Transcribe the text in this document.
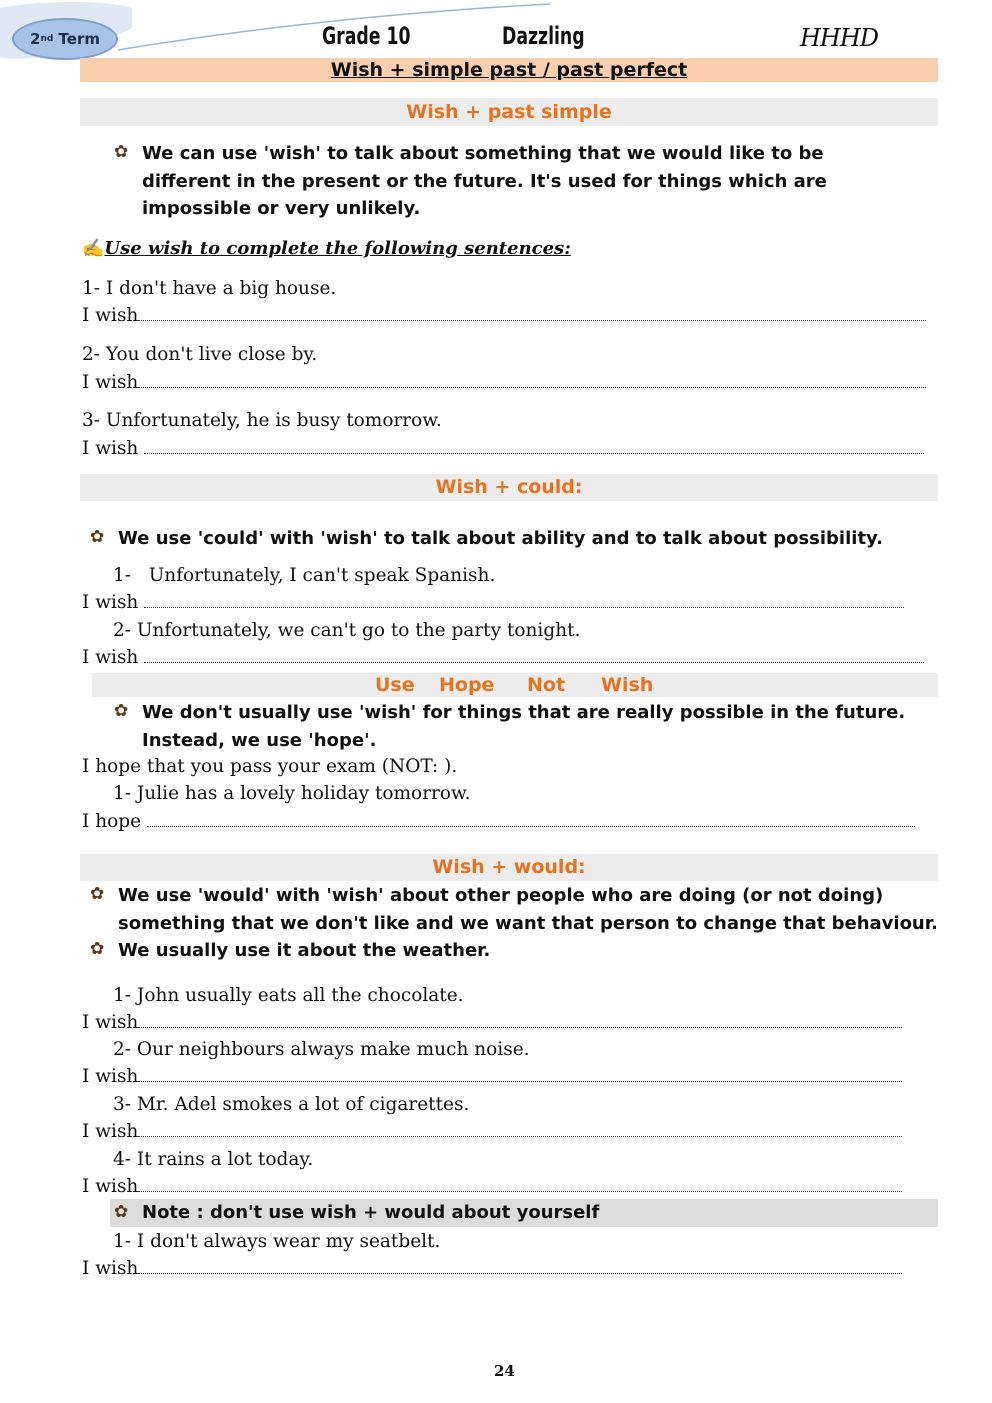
2 nd
Term	Grade 10	Dazzling	HHHD
Wish + simple past / past perfect
Wish + past simple
✿ We can use 'wish' to talk about something that we would like to be
different in the present or the future. It's used for things which are
impossible or very unlikely.
✍Use wish to complete the following sentences:
1- I don't have a big house.
I wish
2- You don't live close by.
I wish
3- Unfortunately, he is busy tomorrow.
I wish
Wish + could:
✿ We use 'could' with 'wish' to talk about ability and to talk about possibility.
1- Unfortunately, I can't speak Spanish.
I wish
2- Unfortunately, we can't go to the party tonight.
I wish
Use Hope Not Wish
✿ We don't usually use 'wish' for things that are really possible in the future.
Instead, we use 'hope'.
I hope that you pass your exam (NOT: ).
1- Julie has a lovely holiday tomorrow.
I hope
Wish + would:
✿ We use 'would' with 'wish' about other people who are doing (or not doing)
something that we don't like and we want that person to change that behaviour.
✿ We usually use it about the weather.
1- John usually eats all the chocolate.
I wish
2- Our neighbours always make much noise.
I wish
3- Mr. Adel smokes a lot of cigarettes.
I wish
4- It rains a lot today.
I wish
✿ Note : don't use wish + would about yourself
1- I don't always wear my seatbelt.
I wish
24
